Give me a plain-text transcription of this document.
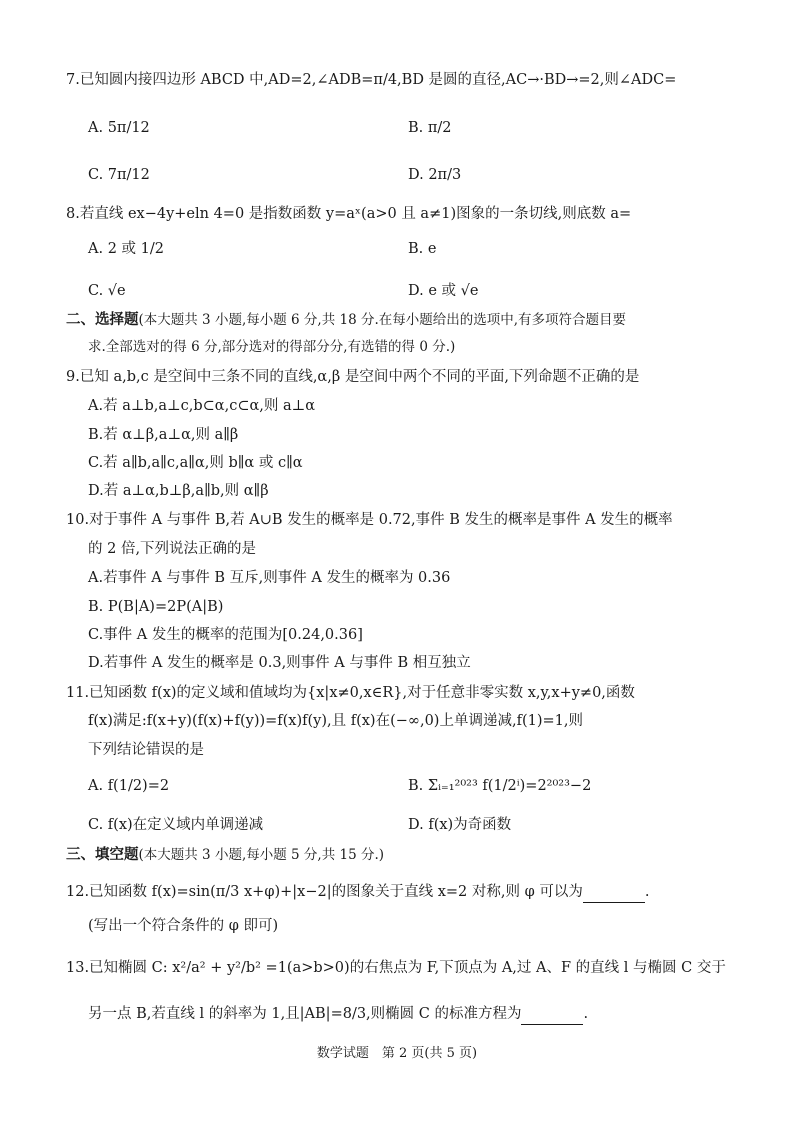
7.已知圆内接四边形 ABCD 中,AD=2,∠ADB=π/4,BD 是圆的直径,AC→·BD→=2,则∠ADC=
A. 5π/12	B. π/2
C. 7π/12	D. 2π/3
8.若直线 ex−4y+eln 4=0 是指数函数 y=aˣ(a>0 且 a≠1)图象的一条切线,则底数 a=
A. 2 或 1/2	B. e
C. √e	D. e 或 √e
二、选择题(本大题共 3 小题,每小题 6 分,共 18 分.在每小题给出的选项中,有多项符合题目要
求.全部选对的得 6 分,部分选对的得部分分,有选错的得 0 分.)
9.已知 a,b,c 是空间中三条不同的直线,α,β 是空间中两个不同的平面,下列命题不正确的是
A.若 a⊥b,a⊥c,b⊂α,c⊂α,则 a⊥α
B.若 α⊥β,a⊥α,则 a∥β
C.若 a∥b,a∥c,a∥α,则 b∥α 或 c∥α
D.若 a⊥α,b⊥β,a∥b,则 α∥β
10.对于事件 A 与事件 B,若 A∪B 发生的概率是 0.72,事件 B 发生的概率是事件 A 发生的概率
的 2 倍,下列说法正确的是
A.若事件 A 与事件 B 互斥,则事件 A 发生的概率为 0.36
B. P(B|A)=2P(A|B)
C.事件 A 发生的概率的范围为[0.24,0.36]
D.若事件 A 发生的概率是 0.3,则事件 A 与事件 B 相互独立
11.已知函数 f(x)的定义域和值域均为{x|x≠0,x∈R},对于任意非零实数 x,y,x+y≠0,函数
f(x)满足:f(x+y)(f(x)+f(y))=f(x)f(y),且 f(x)在(−∞,0)上单调递减,f(1)=1,则
下列结论错误的是
A. f(1/2)=2	B. Σᵢ₌₁²⁰²³ f(1/2ⁱ)=2²⁰²³−2
C. f(x)在定义域内单调递减	D. f(x)为奇函数
三、填空题(本大题共 3 小题,每小题 5 分,共 15 分.)
12.已知函数 f(x)=sin(π/3 x+φ)+|x−2|的图象关于直线 x=2 对称,则 φ 可以为	.
(写出一个符合条件的 φ 即可)
13.已知椭圆 C: x²/a² + y²/b² =1(a>b>0)的右焦点为 F,下顶点为 A,过 A、F 的直线 l 与椭圆 C 交于
另一点 B,若直线 l 的斜率为 1,且|AB|=8/3,则椭圆 C 的标准方程为	.
数学试题　第 2 页(共 5 页)
